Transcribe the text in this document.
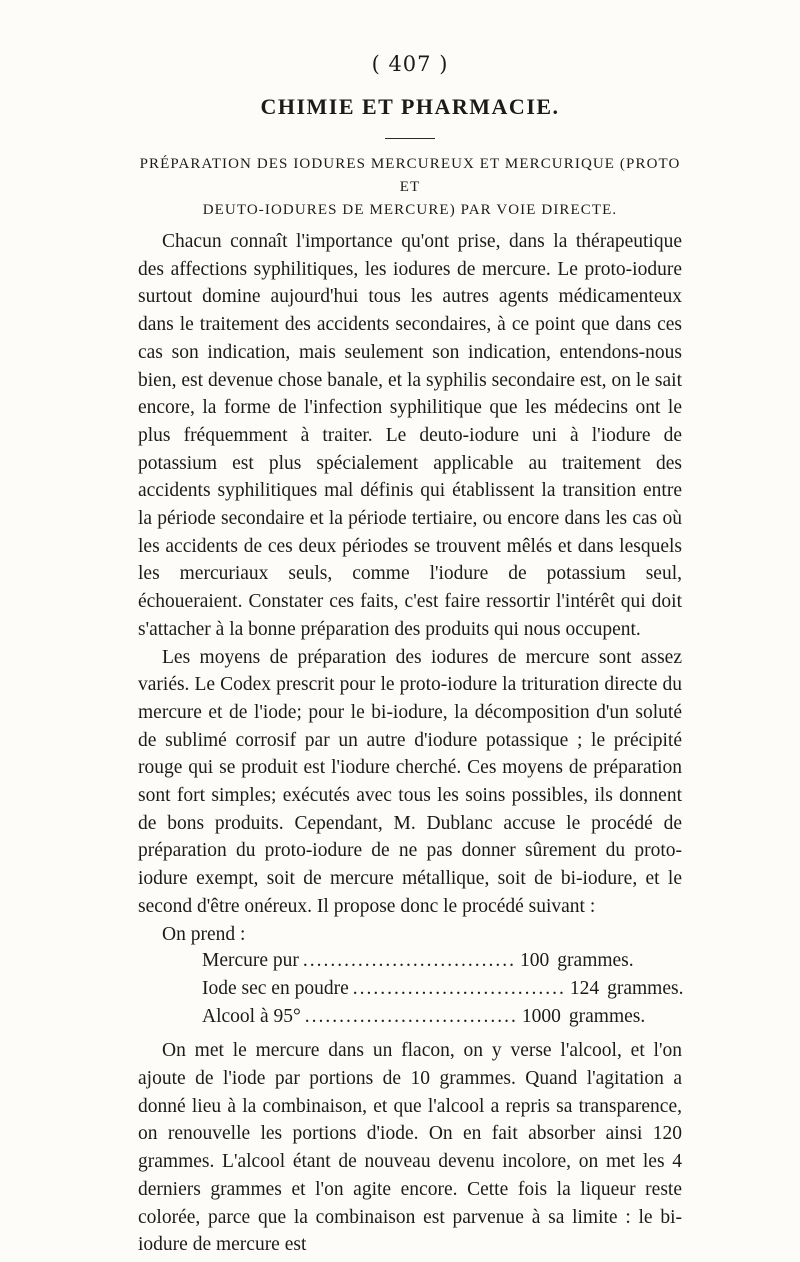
( 407 )
CHIMIE ET PHARMACIE.
PRÉPARATION DES IODURES MERCUREUX ET MERCURIQUE (PROTO ET
DEUTO-IODURES DE MERCURE) PAR VOIE DIRECTE.

Chacun connaît l'importance qu'ont prise, dans la thérapeutique des affections syphilitiques, les iodures de mercure. Le proto-iodure surtout domine aujourd'hui tous les autres agents médicamenteux dans le traitement des accidents secondaires, à ce point que dans ces cas son indication, mais seulement son indication, entendons-nous bien, est devenue chose banale, et la syphilis secondaire est, on le sait encore, la forme de l'infection syphilitique que les médecins ont le plus fréquemment à traiter. Le deuto-iodure uni à l'iodure de potassium est plus spécialement applicable au traitement des accidents syphilitiques mal définis qui établissent la transition entre la période secondaire et la période tertiaire, ou encore dans les cas où les accidents de ces deux périodes se trouvent mêlés et dans lesquels les mercuriaux seuls, comme l'iodure de potassium seul, échoueraient. Constater ces faits, c'est faire ressortir l'intérêt qui doit s'attacher à la bonne préparation des produits qui nous occupent.

Les moyens de préparation des iodures de mercure sont assez variés. Le Codex prescrit pour le proto-iodure la trituration directe du mercure et de l'iode; pour le bi-iodure, la décomposition d'un soluté de sublimé corrosif par un autre d'iodure potassique ; le précipité rouge qui se produit est l'iodure cherché. Ces moyens de préparation sont fort simples; exécutés avec tous les soins possibles, ils donnent de bons produits. Cependant, M. Dublanc accuse le procédé de préparation du proto-iodure de ne pas donner sûrement du proto-iodure exempt, soit de mercure métallique, soit de bi-iodure, et le second d'être onéreux. Il propose donc le procédé suivant :

On prend :

Mercure pur ............................... 100 grammes.
Iode sec en poudre ............................... 124 grammes.
Alcool à 95° ............................... 1000 grammes.

On met le mercure dans un flacon, on y verse l'alcool, et l'on ajoute de l'iode par portions de 10 grammes. Quand l'agitation a donné lieu à la combinaison, et que l'alcool a repris sa transparence, on renouvelle les portions d'iode. On en fait absorber ainsi 120 grammes. L'alcool étant de nouveau devenu incolore, on met les 4 derniers grammes et l'on agite encore. Cette fois la liqueur reste colorée, parce que la combinaison est parvenue à sa limite : le bi-iodure de mercure est
